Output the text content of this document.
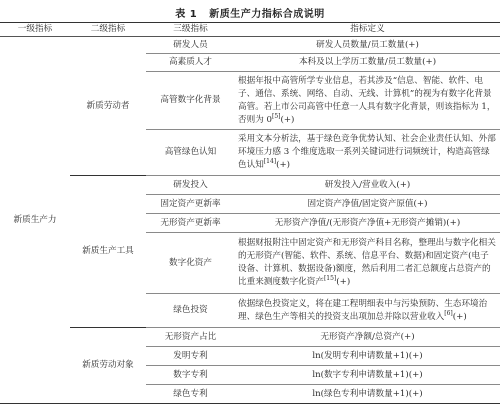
表 1 新质生产力指标合成说明
一级指标	二级指标	三级指标	指标定义
新质生产力	新质劳动者	研发人员	研发人员数量/员工数量(+)
		高素质人才	本科及以上学历工数量/员工数量(+)
		高管数字化背景	根据年报中高管所学专业信息，若其涉及“信息、智能、软件、电子、通信、系统、网络、自动、无线、计算机”的视为有数字化背景高管。若上市公司高管中任意一人具有数字化背景，则该指标为 1，否则为 0[5](+)
		高管绿色认知	采用文本分析法，基于绿色竞争优势认知、社会企业责任认知、外部环境压力感 3 个维度选取一系列关键词进行词频统计，构造高管绿色认知[14](+)
	新质生产工具	研发投入	研发投入/营业收入(+)
		固定资产更新率	固定资产净值/固定资产原值(+)
		无形资产更新率	无形资产净值/(无形资产净值+无形资产摊销)(+)
		数字化资产	根据财报附注中固定资产和无形资产科目名称，整理出与数字化相关的无形资产(智能、软件、系统、信息平台、数据)和固定资产(电子设备、计算机、数据设备)额度，然后利用二者汇总额度占总资产的比重来测度数字化资产[15](+)
		绿色投资	依据绿色投资定义，将在建工程明细表中与污染预防、生态环境治理、绿色生产等相关的投资支出项加总并除以营业收入[6](+)
	新质劳动对象	无形资产占比	无形资产净额/总资产(+)
		发明专利	ln(发明专利申请数量+1)(+)
		数字专利	ln(数字专利申请数量+1)(+)
		绿色专利	ln(绿色专利申请数量+1)(+)
